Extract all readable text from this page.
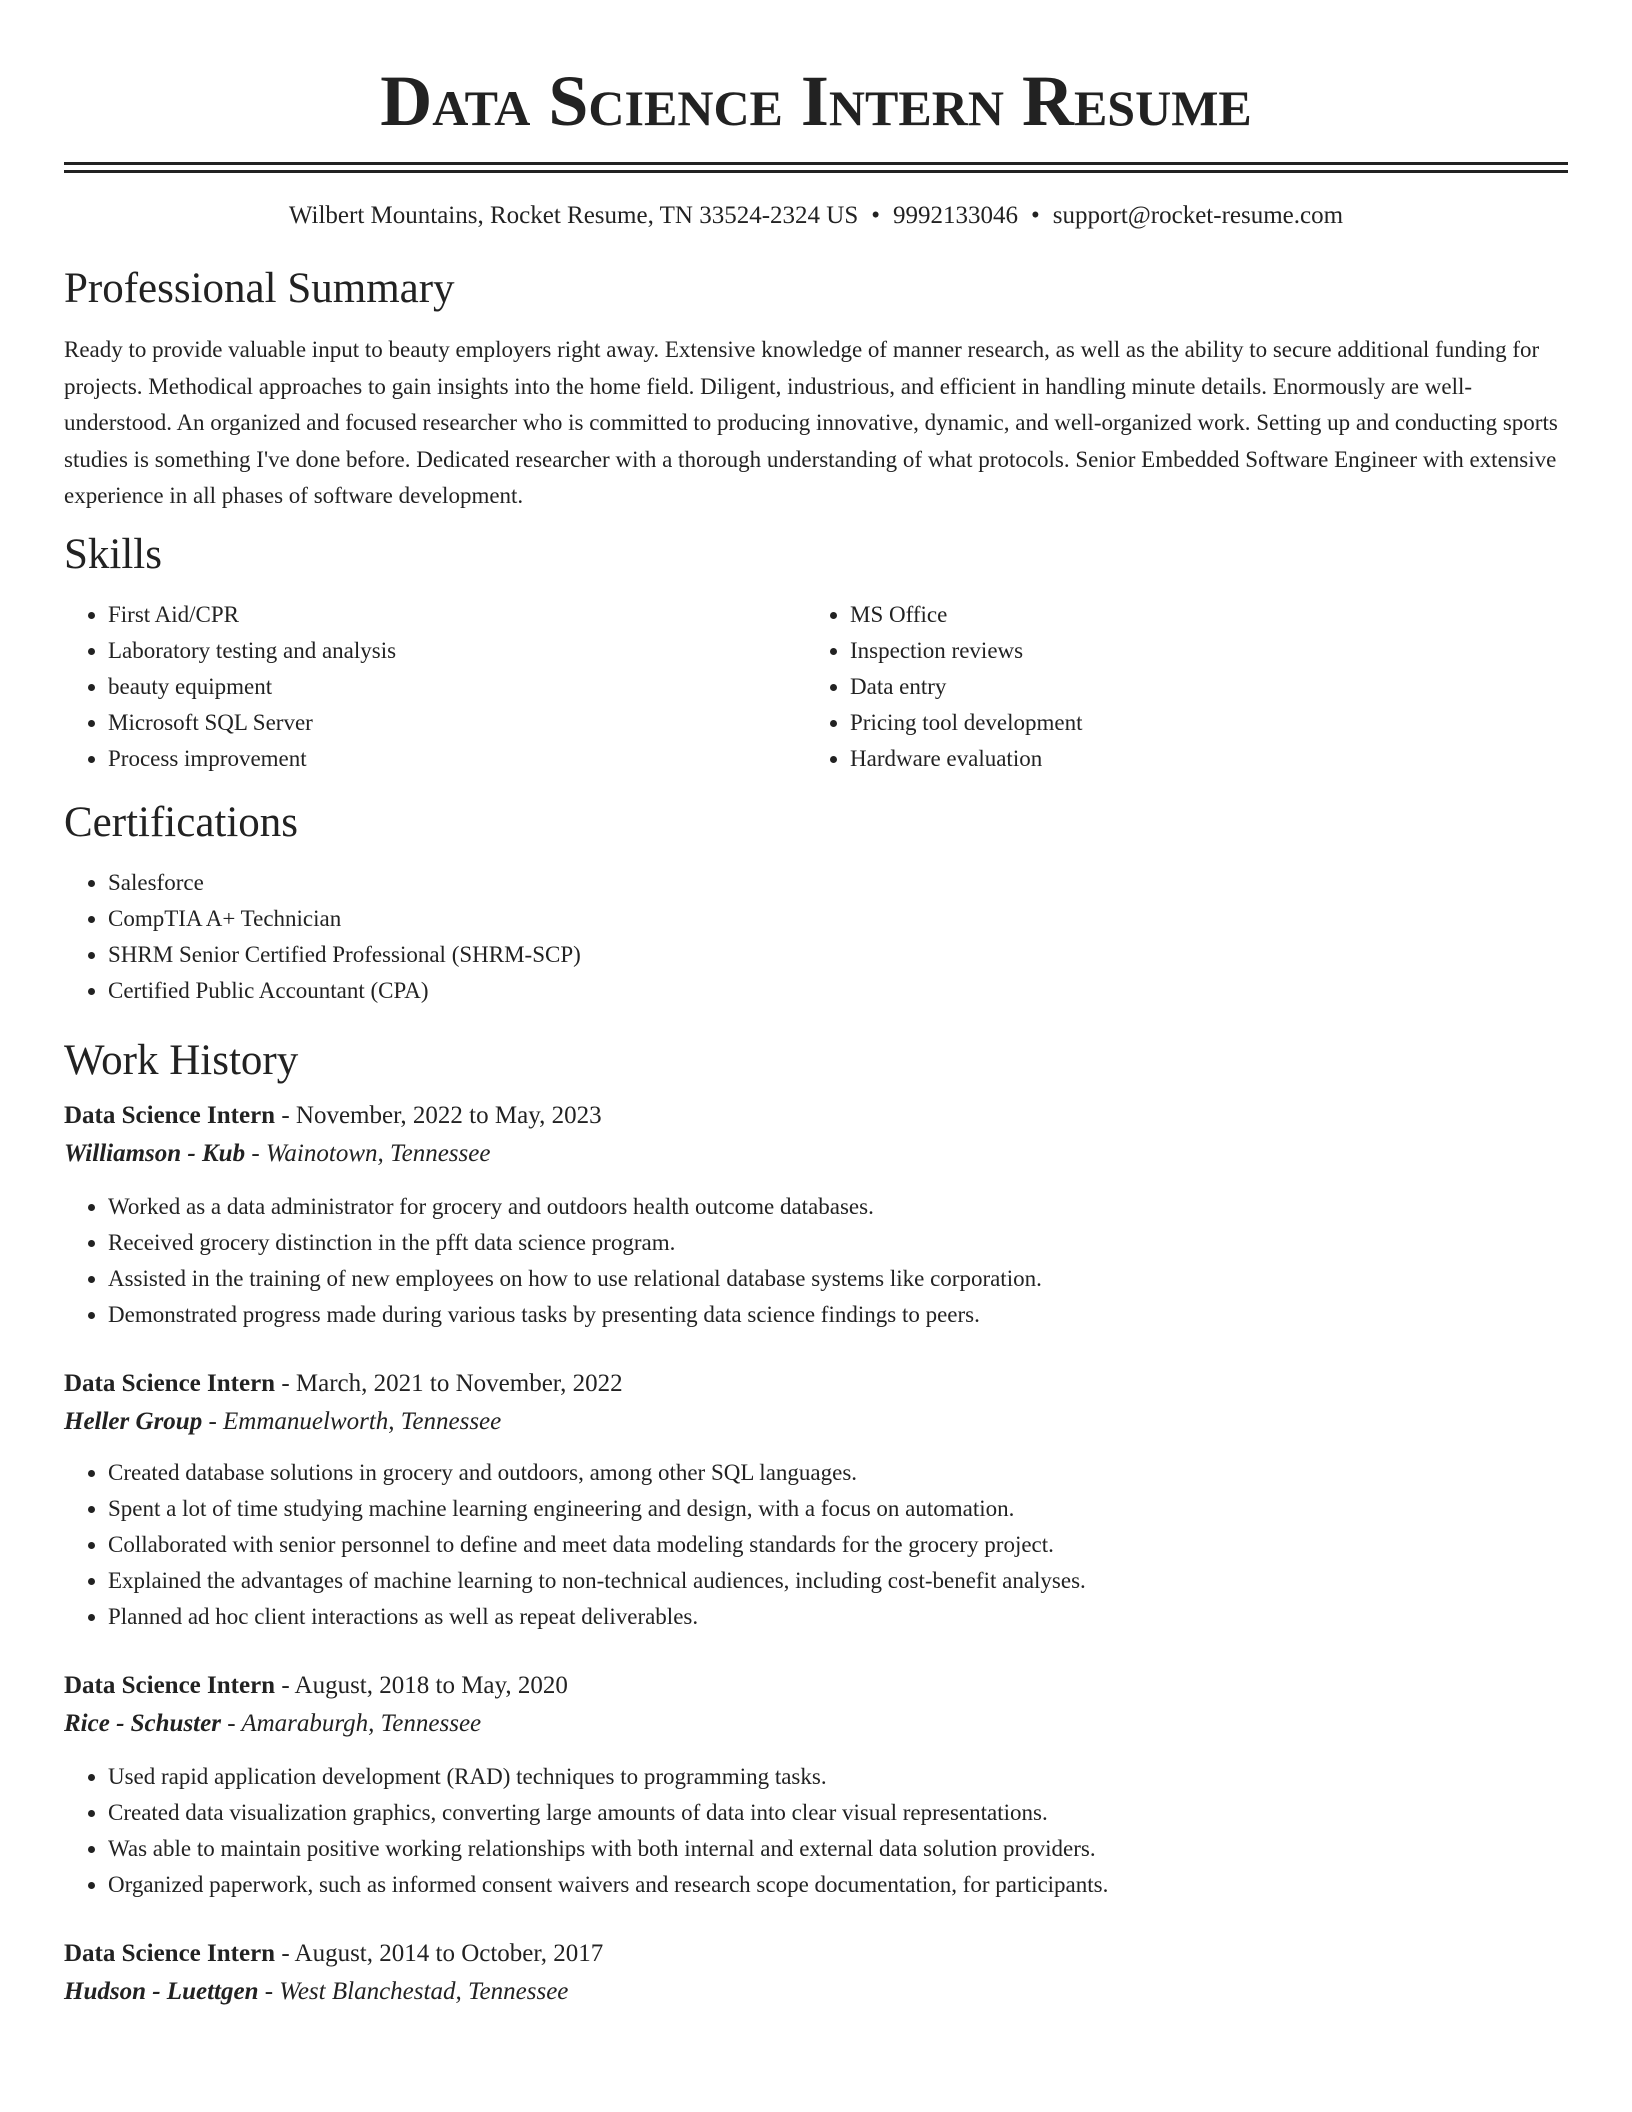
Data Science Intern Resume
Wilbert Mountains, Rocket Resume, TN 33524-2324 US • 9992133046 • support@rocket-resume.com
Professional Summary

Ready to provide valuable input to beauty employers right away. Extensive knowledge of manner research, as well as the ability to secure additional funding for projects. Methodical approaches to gain insights into the home field. Diligent, industrious, and efficient in handling minute details. Enormously are well-understood. An organized and focused researcher who is committed to producing innovative, dynamic, and well-organized work. Setting up and conducting sports studies is something I've done before. Dedicated researcher with a thorough understanding of what protocols. Senior Embedded Software Engineer with extensive experience in all phases of software development.

Skills
• First Aid/CPR
• Laboratory testing and analysis
• beauty equipment
• Microsoft SQL Server
• Process improvement
• MS Office
• Inspection reviews
• Data entry
• Pricing tool development
• Hardware evaluation
Certifications
• Salesforce
• CompTIA A+ Technician
• SHRM Senior Certified Professional (SHRM-SCP)
• Certified Public Accountant (CPA)
Work History
Data Science Intern - November, 2022 to May, 2023
Williamson - Kub - Wainotown, Tennessee
• Worked as a data administrator for grocery and outdoors health outcome databases.
• Received grocery distinction in the pfft data science program.
• Assisted in the training of new employees on how to use relational database systems like corporation.
• Demonstrated progress made during various tasks by presenting data science findings to peers.
Data Science Intern - March, 2021 to November, 2022
Heller Group - Emmanuelworth, Tennessee
• Created database solutions in grocery and outdoors, among other SQL languages.
• Spent a lot of time studying machine learning engineering and design, with a focus on automation.
• Collaborated with senior personnel to define and meet data modeling standards for the grocery project.
• Explained the advantages of machine learning to non-technical audiences, including cost-benefit analyses.
• Planned ad hoc client interactions as well as repeat deliverables.
Data Science Intern - August, 2018 to May, 2020
Rice - Schuster - Amaraburgh, Tennessee
• Used rapid application development (RAD) techniques to programming tasks.
• Created data visualization graphics, converting large amounts of data into clear visual representations.
• Was able to maintain positive working relationships with both internal and external data solution providers.
• Organized paperwork, such as informed consent waivers and research scope documentation, for participants.
Data Science Intern - August, 2014 to October, 2017
Hudson - Luettgen - West Blanchestad, Tennessee
